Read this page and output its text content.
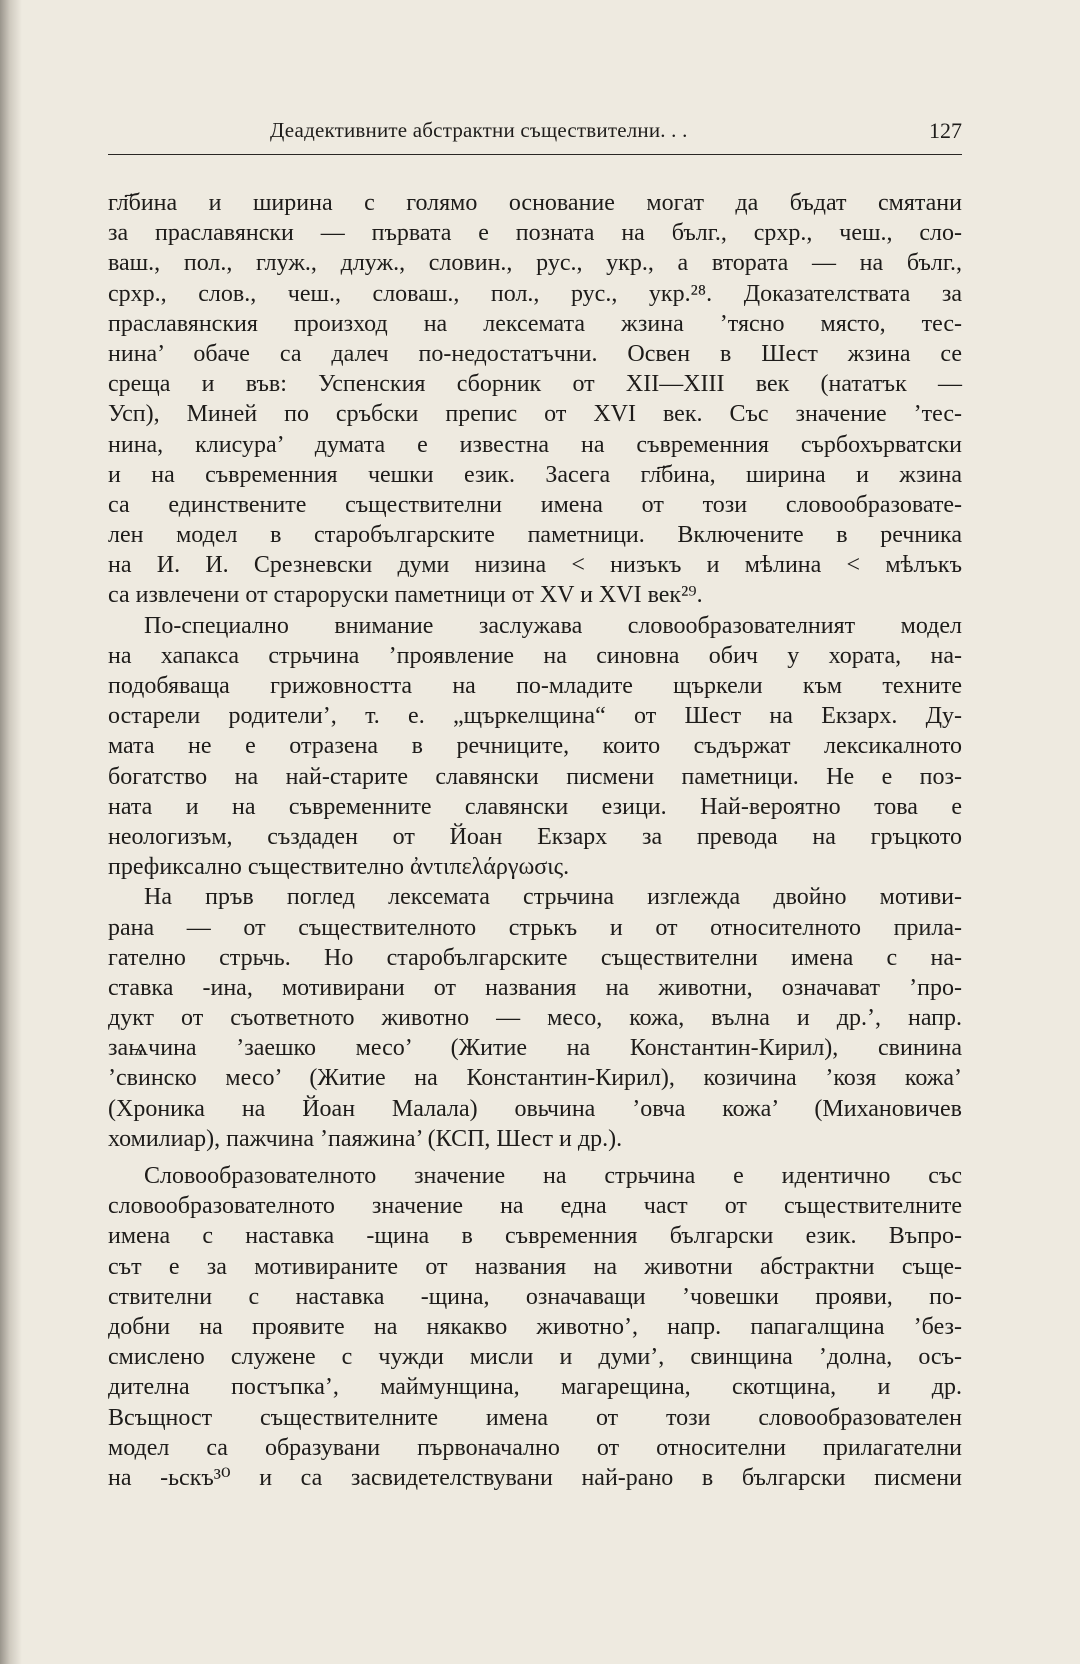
Деадективните абстрактни съществителни. . .	127
гл҃бина и ширина с голямо основание могат да бъдат смятани
за праславянски — първата е позната на бълг., срхр., чеш., сло-
ваш., пол., глуж., длуж., словин., рус., укр., а втората — на бълг.,
срхр., слов., чеш., словаш., пол., рус., укр.²⁸. Доказателствата за
праславянския произход на лексемата жзина ’тясно място, тес-
нина’ обаче са далеч по-недостатъчни. Освен в Шест жзина се
среща и във: Успенския сборник от XII—XIII век (нататък —
Усп), Миней по сръбски препис от XVI век. Със значение ’тес-
нина, клисура’ думата е известна на съвременния сърбохърватски
и на съвременния чешки език. Засега гл҃бина, ширина и жзина
са единствените съществителни имена от този словообразовате-
лен модел в старобългарските паметници. Включените в речника
на И. И. Срезневски думи низина < низъкъ и мѣлина < мѣлъкъ
са извлечени от староруски паметници от XV и XVI век²⁹.
По-специално внимание заслужава словообразователният модел
на хапакса стрьчина ’проявление на синовна обич у хората, на-
подобяваща грижовността на по-младите щъркели към техните
остарели родители’, т. е. „щъркелщина“ от Шест на Екзарх. Ду-
мата не е отразена в речниците, които съдържат лексикалното
богатство на най-старите славянски писмени паметници. Не е поз-
ната и на съвременните славянски езици. Най-вероятно това е
неологизъм, създаден от Йоан Екзарх за превода на гръцкото
префиксално съществително ἀντιπελάργωσις.
На пръв поглед лексемата стрьчина изглежда двойно мотиви-
рана — от съществителното стрькъ и от относителното прила-
гателно стрьчь. Но старобългарските съществителни имена с на-
ставка -ина, мотивирани от названия на животни, означават ’про-
дукт от съответното животно — месо, кожа, вълна и др.’, напр.
заѩчина ’заешко месо’ (Житие на Константин-Кирил), свинина
’свинско месо’ (Житие на Константин-Кирил), козичина ’козя кожа’
(Хроника на Йоан Малала) овьчина ’овча кожа’ (Михановичев
хомилиар), пажчина ’паяжина’ (КСП, Шест и др.).
Словообразователното значение на стрьчина е идентично със
словообразователното значение на една част от съществителните
имена с наставка -щина в съвременния български език. Въпро-
сът е за мотивираните от названия на животни абстрактни съще-
ствителни с наставка -щина, означаващи ’човешки прояви, по-
добни на проявите на някакво животно’, напр. папагалщина ’без-
смислено служене с чужди мисли и думи’, свинщина ’долна, осъ-
дителна постъпка’, маймунщина, магарещина, скотщина, и др.
Всъщност съществителните имена от този словообразователен
модел са образувани първоначално от относителни прилагателни
на -ьскъ³⁰ и са засвидетелствувани най-рано в български писмени
